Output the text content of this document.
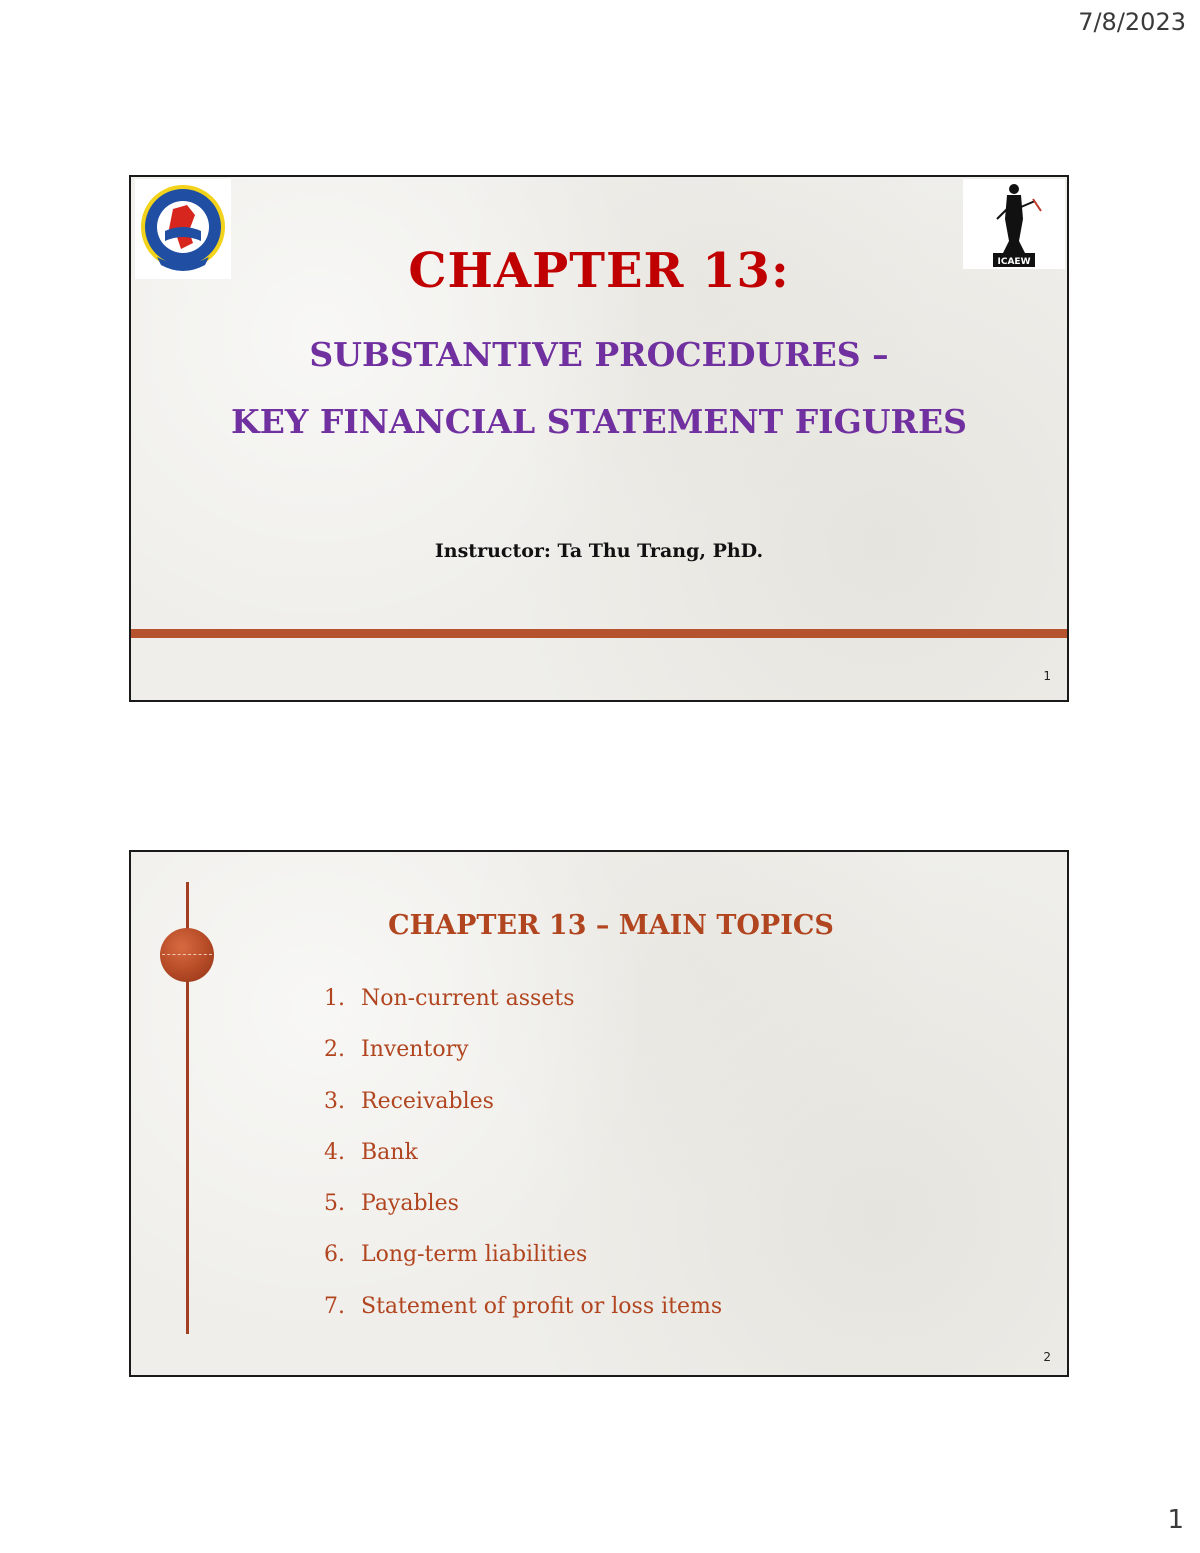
7/8/2023
ICAEW
CHAPTER 13:
SUBSTANTIVE PROCEDURES –
KEY FINANCIAL STATEMENT FIGURES
Instructor: Ta Thu Trang, PhD.
1
CHAPTER 13 – MAIN TOPICS
1. Non-current assets
2. Inventory
3. Receivables
4. Bank
5. Payables
6. Long-term liabilities
7. Statement of profit or loss items
2
1
